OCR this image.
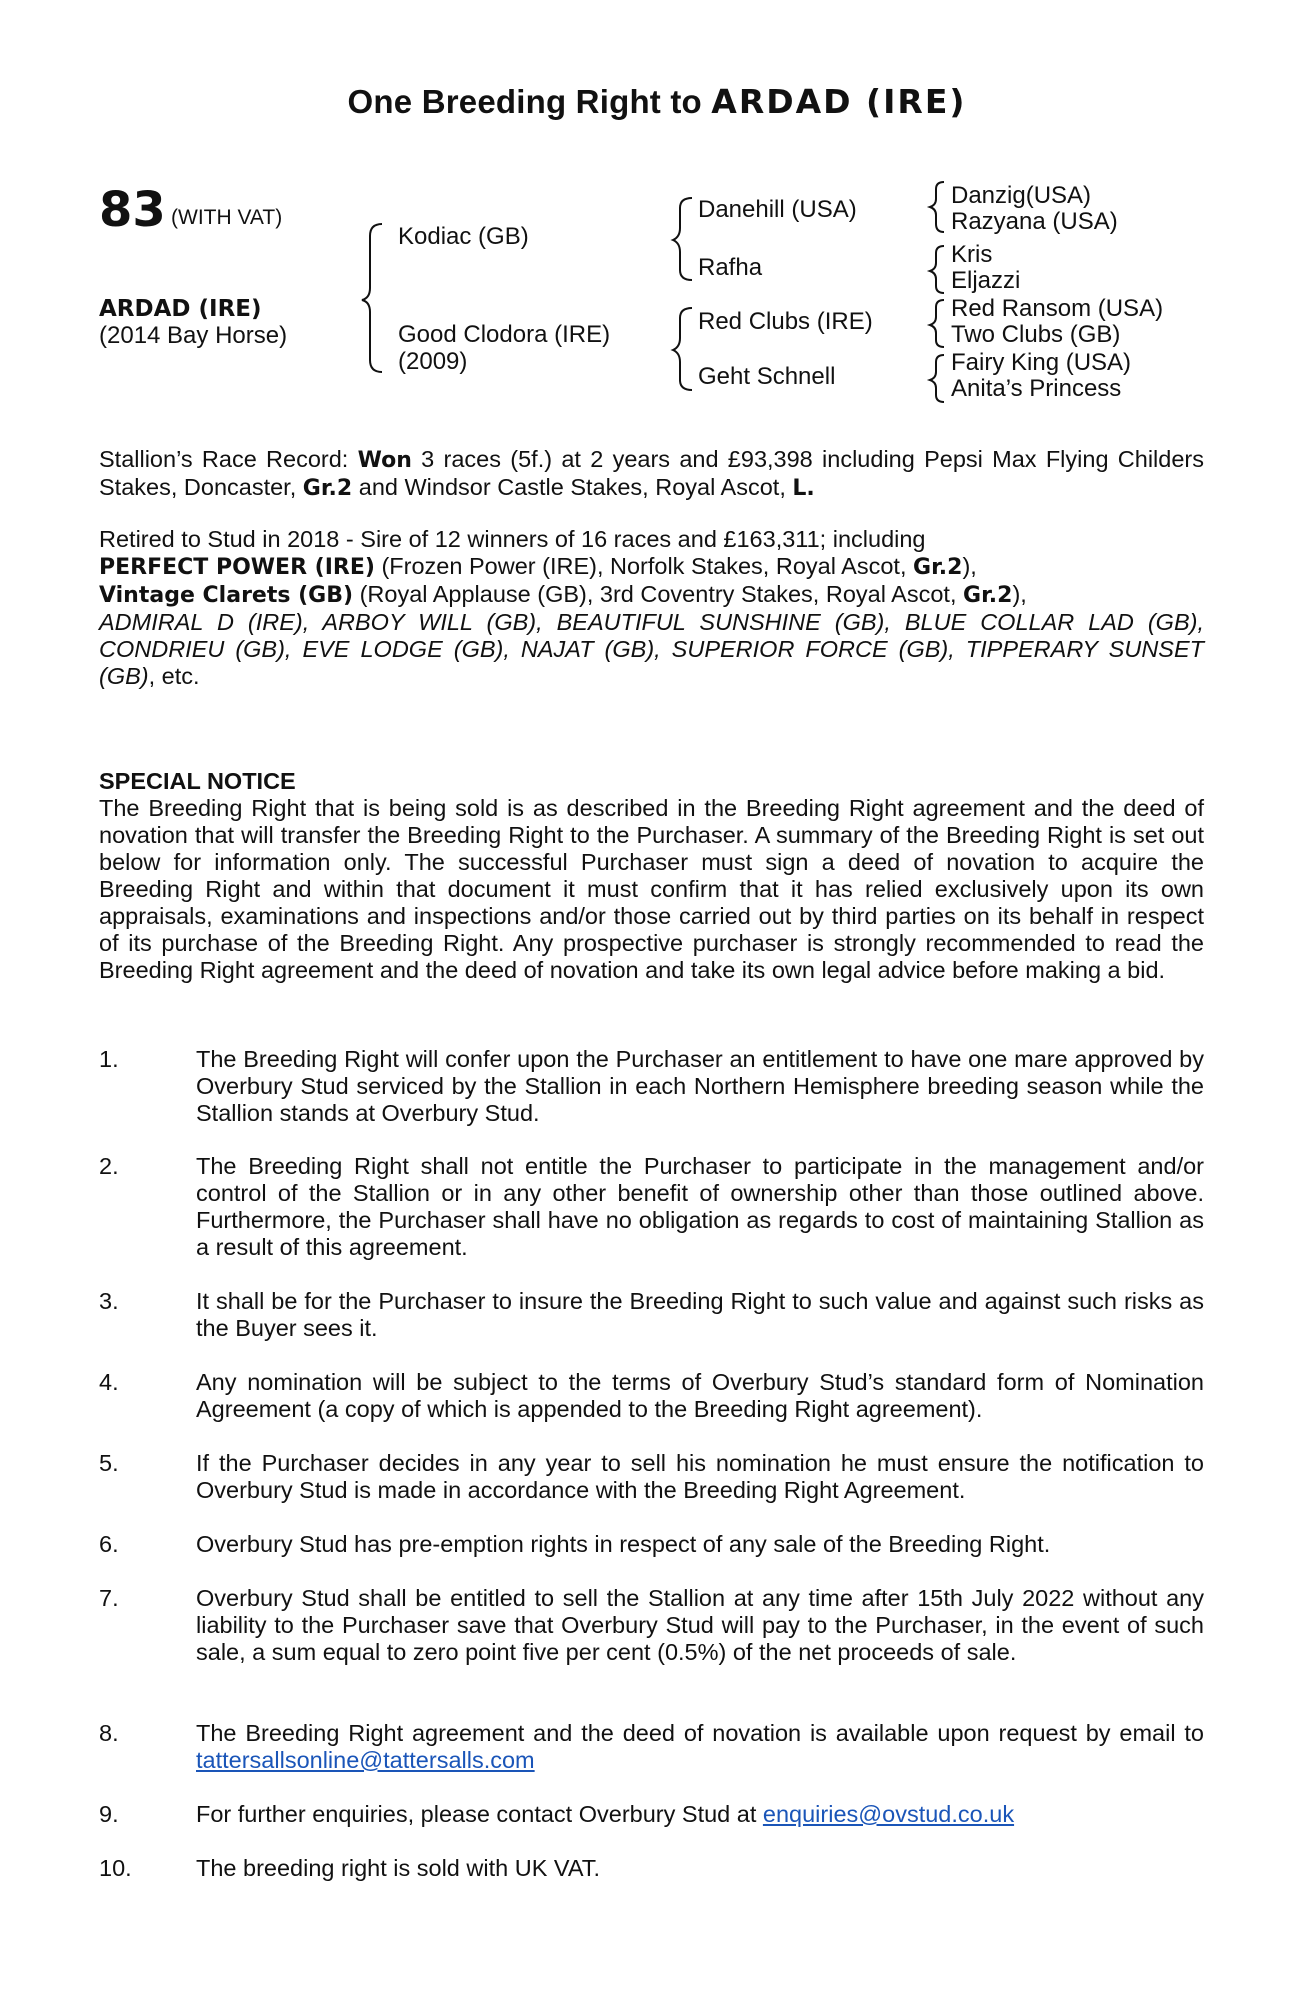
One Breeding Right to ARDAD (IRE)
83 (WITH VAT)
ARDAD (IRE)
(2014 Bay Horse)
Kodiac (GB)
Good Clodora (IRE)
(2009)
Danehill (USA)
Rafha
Red Clubs (IRE)
Geht Schnell
Danzig(USA)
Razyana (USA)
Kris
Eljazzi
Red Ransom (USA)
Two Clubs (GB)
Fairy King (USA)
Anita’s Princess
Stallion’s Race Record: Won 3 races (5f.) at 2 years and £93,398 including Pepsi Max Flying Childers Stakes, Doncaster, Gr.2 and Windsor Castle Stakes, Royal Ascot, L.
Retired to Stud in 2018 - Sire of 12 winners of 16 races and £163,311; including
PERFECT POWER (IRE) (Frozen Power (IRE), Norfolk Stakes, Royal Ascot, Gr.2),
Vintage Clarets (GB) (Royal Applause (GB), 3rd Coventry Stakes, Royal Ascot, Gr.2),
ADMIRAL D (IRE), ARBOY WILL (GB), BEAUTIFUL SUNSHINE (GB), BLUE COLLAR LAD (GB), CONDRIEU (GB), EVE LODGE (GB), NAJAT (GB), SUPERIOR FORCE (GB), TIPPERARY SUNSET (GB), etc.
SPECIAL NOTICE
The Breeding Right that is being sold is as described in the Breeding Right agreement and the deed of novation that will transfer the Breeding Right to the Purchaser. A summary of the Breeding Right is set out below for information only. The successful Purchaser must sign a deed of novation to acquire the Breeding Right and within that document it must confirm that it has relied exclusively upon its own appraisals, examinations and inspections and/or those carried out by third parties on its behalf in respect of its purchase of the Breeding Right. Any prospective purchaser is strongly recommended to read the Breeding Right agreement and the deed of novation and take its own legal advice before making a bid.
1.	The Breeding Right will confer upon the Purchaser an entitlement to have one mare approved by Overbury Stud serviced by the Stallion in each Northern Hemisphere breeding season while the Stallion stands at Overbury Stud.
2.	The Breeding Right shall not entitle the Purchaser to participate in the management and/or control of the Stallion or in any other benefit of ownership other than those outlined above. Furthermore, the Purchaser shall have no obligation as regards to cost of maintaining Stallion as a result of this agreement.
3.	It shall be for the Purchaser to insure the Breeding Right to such value and against such risks as the Buyer sees it.
4.	Any nomination will be subject to the terms of Overbury Stud’s standard form of Nomination Agreement (a copy of which is appended to the Breeding Right agreement).
5.	If the Purchaser decides in any year to sell his nomination he must ensure the notification to Overbury Stud is made in accordance with the Breeding Right Agreement.
6.	Overbury Stud has pre-emption rights in respect of any sale of the Breeding Right.
7.	Overbury Stud shall be entitled to sell the Stallion at any time after 15th July 2022 without any liability to the Purchaser save that Overbury Stud will pay to the Purchaser, in the event of such sale, a sum equal to zero point five per cent (0.5%) of the net proceeds of sale.
8.	The Breeding Right agreement and the deed of novation is available upon request by email to tattersallsonline@tattersalls.com
9.	For further enquiries, please contact Overbury Stud at enquiries@ovstud.co.uk
10.	The breeding right is sold with UK VAT.
